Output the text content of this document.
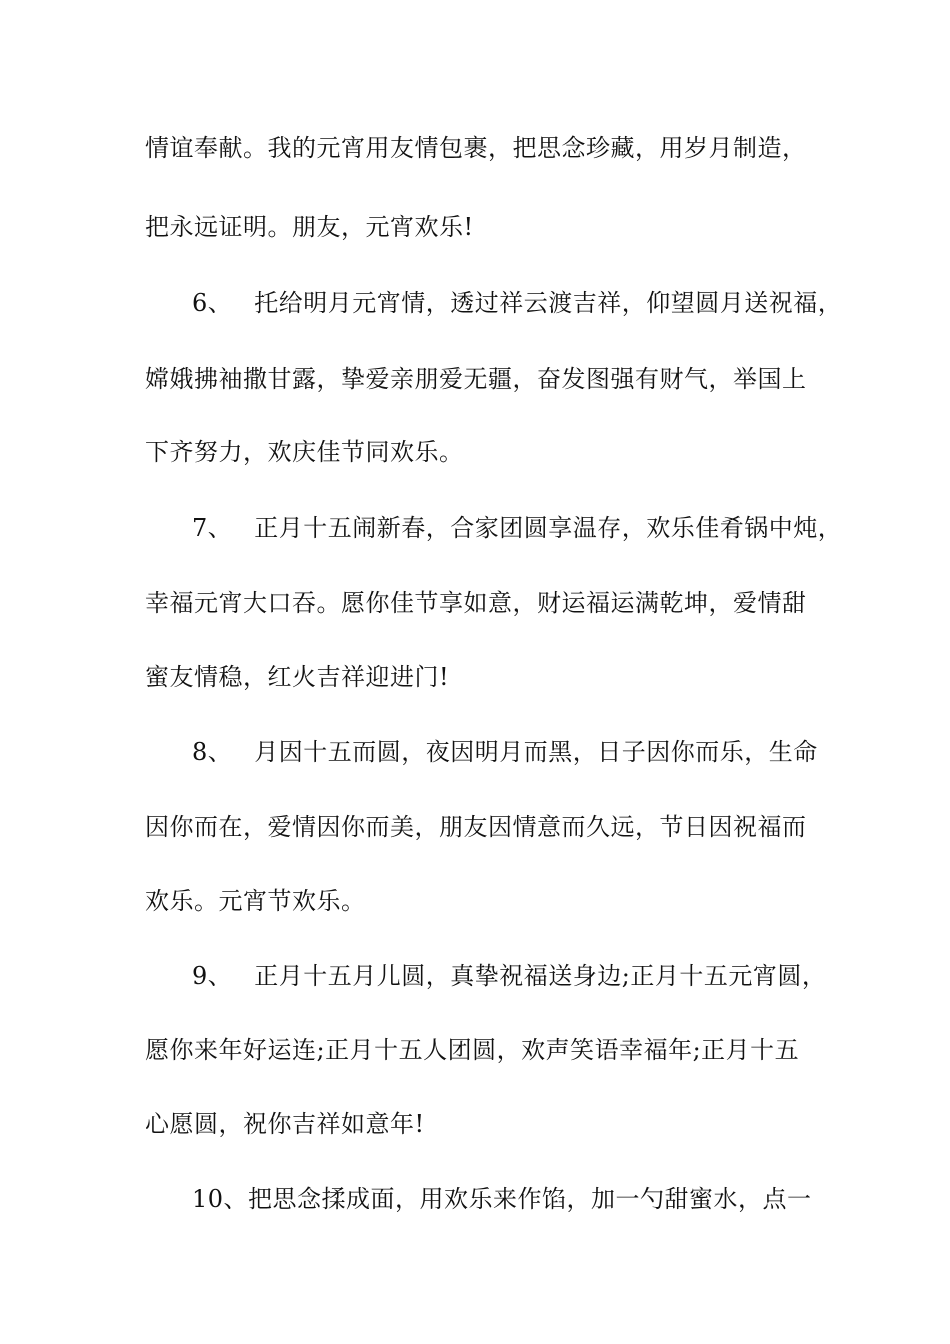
情谊奉献。我的元宵用友情包裹，把思念珍藏，用岁月制造，
把永远证明。朋友，元宵欢乐!
6、 托给明月元宵情，透过祥云渡吉祥，仰望圆月送祝福，
嫦娥拂袖撒甘露，挚爱亲朋爱无疆，奋发图强有财气，举国上
下齐努力，欢庆佳节同欢乐。
7、 正月十五闹新春，合家团圆享温存，欢乐佳肴锅中炖，
幸福元宵大口吞。愿你佳节享如意，财运福运满乾坤，爱情甜
蜜友情稳，红火吉祥迎进门!
8、 月因十五而圆，夜因明月而黑，日子因你而乐，生命
因你而在，爱情因你而美，朋友因情意而久远，节日因祝福而
欢乐。元宵节欢乐。
9、 正月十五月儿圆，真挚祝福送身边;正月十五元宵圆，
愿你来年好运连;正月十五人团圆，欢声笑语幸福年;正月十五
心愿圆，祝你吉祥如意年!
10、把思念揉成面，用欢乐来作馅，加一勺甜蜜水，点一
